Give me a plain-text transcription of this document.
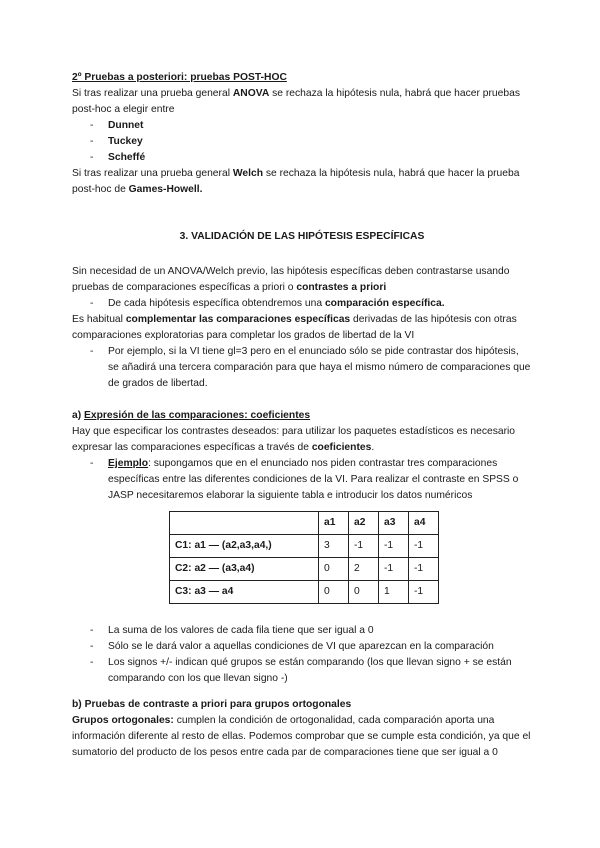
2º Pruebas a posteriori: pruebas POST-HOC

Si tras realizar una prueba general ANOVA se rechaza la hipótesis nula, habrá que hacer pruebas post-hoc a elegir entre

- Dunnet
- Tuckey
- Scheffé

Si tras realizar una prueba general Welch se rechaza la hipótesis nula, habrá que hacer la prueba post-hoc de Games-Howell.

3. VALIDACIÓN DE LAS HIPÓTESIS ESPECÍFICAS

Sin necesidad de un ANOVA/Welch previo, las hipótesis específicas deben contrastarse usando pruebas de comparaciones específicas a priori o contrastes a priori

- De cada hipótesis específica obtendremos una comparación específica.

Es habitual complementar las comparaciones específicas derivadas de las hipótesis con otras comparaciones exploratorias para completar los grados de libertad de la VI

- Por ejemplo, si la VI tiene gl=3 pero en el enunciado sólo se pide contrastar dos hipótesis, se añadirá una tercera comparación para que haya el mismo número de comparaciones que de grados de libertad.

a) Expresión de las comparaciones: coeficientes

Hay que especificar los contrastes deseados: para utilizar los paquetes estadísticos es necesario expresar las comparaciones específicas a través de coeficientes.

- Ejemplo: supongamos que en el enunciado nos piden contrastar tres comparaciones específicas entre las diferentes condiciones de la VI. Para realizar el contraste en SPSS o JASP necesitaremos elaborar la siguiente tabla e introducir los datos numéricos
	a1	a2	a3	a4
C1: a1 — (a2,a3,a4,)	3	-1	-1	-1
C2: a2 — (a3,a4)	0	2	-1	-1
C3: a3 — a4	0	0	1	-1
- La suma de los valores de cada fila tiene que ser igual a 0
- Sólo se le dará valor a aquellas condiciones de VI que aparezcan en la comparación
- Los signos +/- indican qué grupos se están comparando (los que llevan signo + se están comparando con los que llevan signo -)

b) Pruebas de contraste a priori para grupos ortogonales

Grupos ortogonales: cumplen la condición de ortogonalidad, cada comparación aporta una información diferente al resto de ellas. Podemos comprobar que se cumple esta condición, ya que el sumatorio del producto de los pesos entre cada par de comparaciones tiene que ser igual a 0
